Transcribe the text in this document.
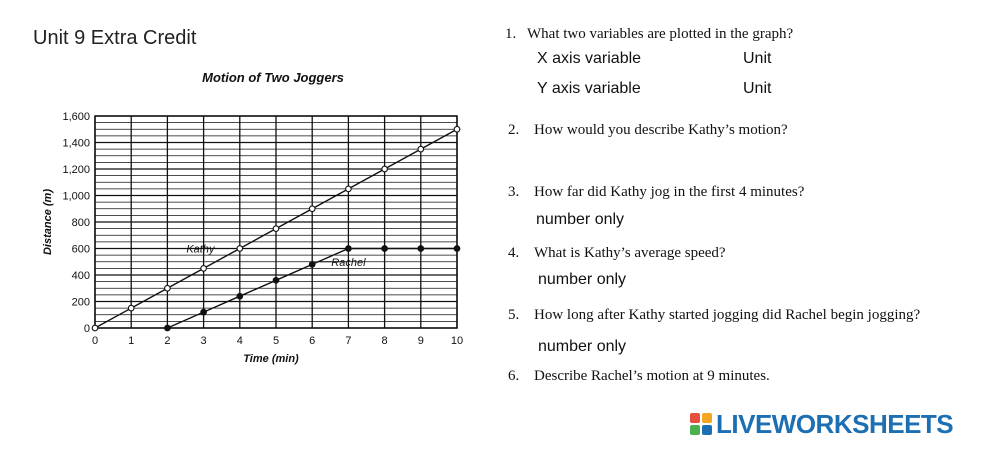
Unit 9 Extra Credit
Motion of Two Joggers
0
200
400
600
800
1,000
1,200
1,400
1,600
0	1	2	3	4	5	6	7	8	9 10
Time (min)
Distance (m)	Kathy
Rachel
1. What two variables are plotted in the graph?
X axis variable	Unit
Y axis variable	Unit
2. How would you describe Kathy’s motion?
3. How far did Kathy jog in the first 4 minutes?
number only
4. What is Kathy’s average speed?
number only
5. How long after Kathy started jogging did Rachel begin jogging?
number only
6. Describe Rachel’s motion at 9 minutes.
LIVEWORKSHEETS
